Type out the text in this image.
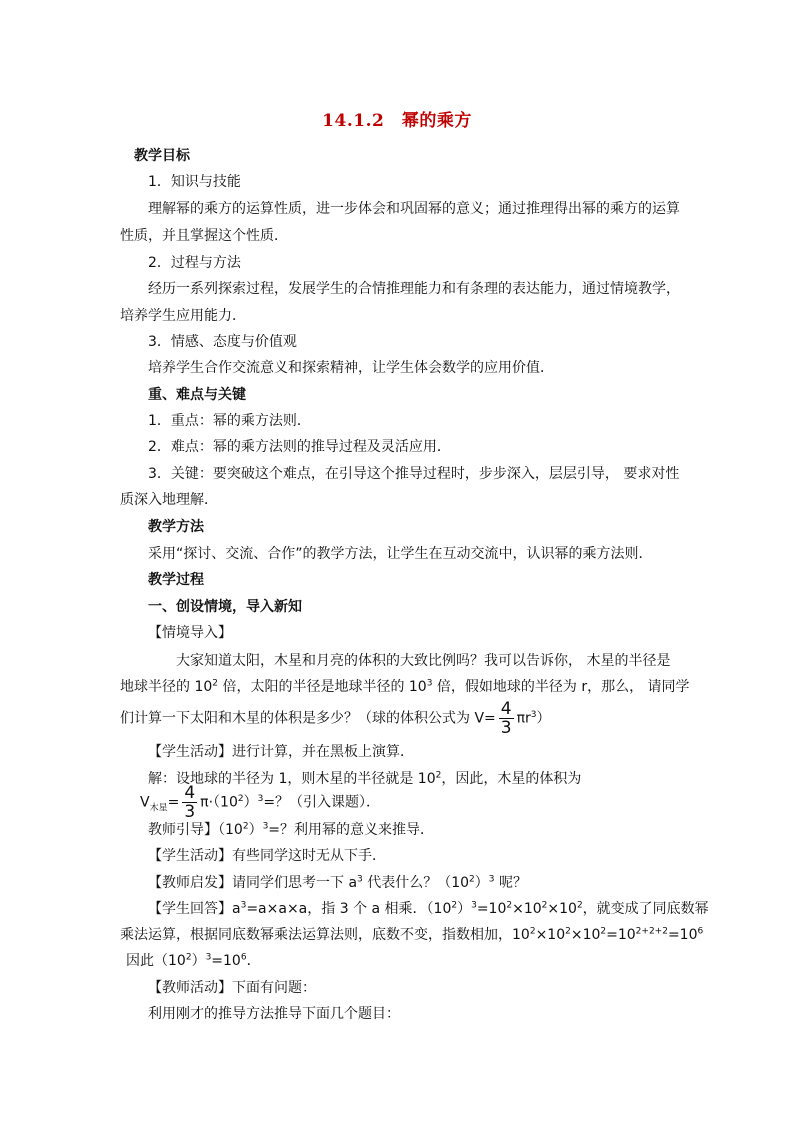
14.1.2　幂的乘方
教学目标
1．知识与技能
理解幂的乘方的运算性质，进一步体会和巩固幂的意义；通过推理得出幂的乘方的运算
性质，并且掌握这个性质．
2．过程与方法
经历一系列探索过程，发展学生的合情推理能力和有条理的表达能力，通过情境教学，
培养学生应用能力．
3．情感、态度与价值观
培养学生合作交流意义和探索精神，让学生体会数学的应用价值．
重、难点与关键
1．重点：幂的乘方法则．
2．难点：幂的乘方法则的推导过程及灵活应用．
3．关键：要突破这个难点，在引导这个推导过程时，步步深入，层层引导， 要求对性
质深入地理解．
教学方法
采用“探讨、交流、合作”的教学方法，让学生在互动交流中，认识幂的乘方法则．
教学过程
一、创设情境，导入新知
【情境导入】
大家知道太阳，木星和月亮的体积的大致比例吗？我可以告诉你， 木星的半径是
地球半径的 $10^2$ 倍，太阳的半径是地球半径的 $10^3$ 倍，假如地球的半径为 r，那么， 请同学
们计算一下太阳和木星的体积是多少？（球的体积公式为 $V= \frac{4}{3} \pi r^3$）
【学生活动】进行计算，并在黑板上演算．
解：设地球的半径为 1，则木星的半径就是 $10^2$，因此，木星的体积为
$V_{木星}= \frac{4}{3} \pi\cdot(10^2)^3=$？（引入课题）．
教师引导】$(10^2)^3=$？利用幂的意义来推导．
【学生活动】有些同学这时无从下手．
【教师启发】请同学们思考一下 $a^3$ 代表什么？$(10^2)^3$ 呢？
【学生回答】$a^3=a\times a\times a$，指 3 个 a 相乘．$(10^2)^3=10^2\times 10^2\times 10^2$，就变成了同底数幂
乘法运算，根据同底数幂乘法运算法则，底数不变，指数相加，$10^2\times 10^2\times 10^2=10^{2+2+2}=10^6$
因此$(10^2)^3=10^6$．
【教师活动】下面有问题：
利用刚才的推导方法推导下面几个题目：
